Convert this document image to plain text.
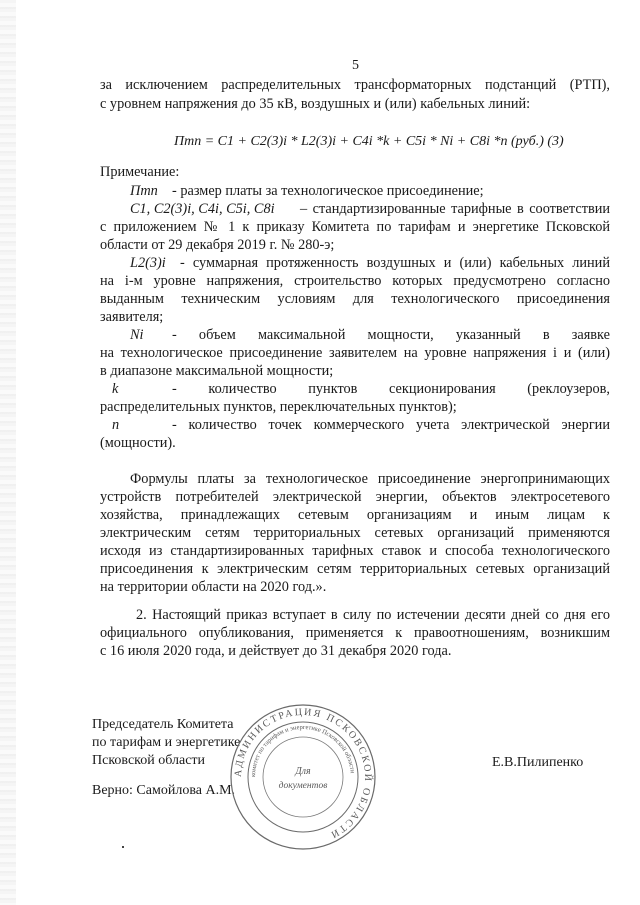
5
за исключением распределительных трансформаторных подстанций (РТП),
с уровнем напряжения до 35 кВ, воздушных и (или) кабельных линий:
Пmn = C1 + C2(3)i * L2(3)i + C4i *k + C5i * Ni + C8i *n (руб.) (3)
Примечание:
Пmn - размер платы за технологическое присоединение;
C1, C2(3)i, C4i, C5i, C8i – стандартизированные тарифные в соответствии
с приложением № 1 к приказу Комитета по тарифам и энергетике Псковской
области от 29 декабря 2019 г. № 280-э;
L2(3)i - суммарная протяженность воздушных и (или) кабельных линий
на i-м уровне напряжения, строительство которых предусмотрено согласно
выданным техническим условиям для технологического присоединения
заявителя;
Ni - объем максимальной мощности, указанный в заявке
на технологическое присоединение заявителем на уровне напряжения i и (или)
в диапазоне максимальной мощности;
k	- количество пунктов секционирования (реклоузеров,
распределительных пунктов, переключательных пунктов);
n	- количество точек коммерческого учета электрической энергии
(мощности).
Формулы платы за технологическое присоединение энергопринимающих
устройств потребителей электрической энергии, объектов электросетевого
хозяйства, принадлежащих сетевым организациям и иным лицам к
электрическим сетям территориальных сетевых организаций применяются
исходя из стандартизированных тарифных ставок и способа технологического
присоединения к электрическим сетям территориальных сетевых организаций
на территории области на 2020 год.».
2. Настоящий приказ вступает в силу по истечении десяти дней со дня его
официального опубликования, применяется к правоотношениям, возникшим
с 16 июля 2020 года, и действует до 31 декабря 2020 года.
Председатель Комитета
по тарифам и энергетике
Псковской области	Е.В.Пилипенко
Верно: Самойлова А.М.
АДМИНИСТРАЦИЯ ПСКОВСКОЙ ОБЛАСТИ
комитет по тарифам и энергетике Псковской области
Для
документов
